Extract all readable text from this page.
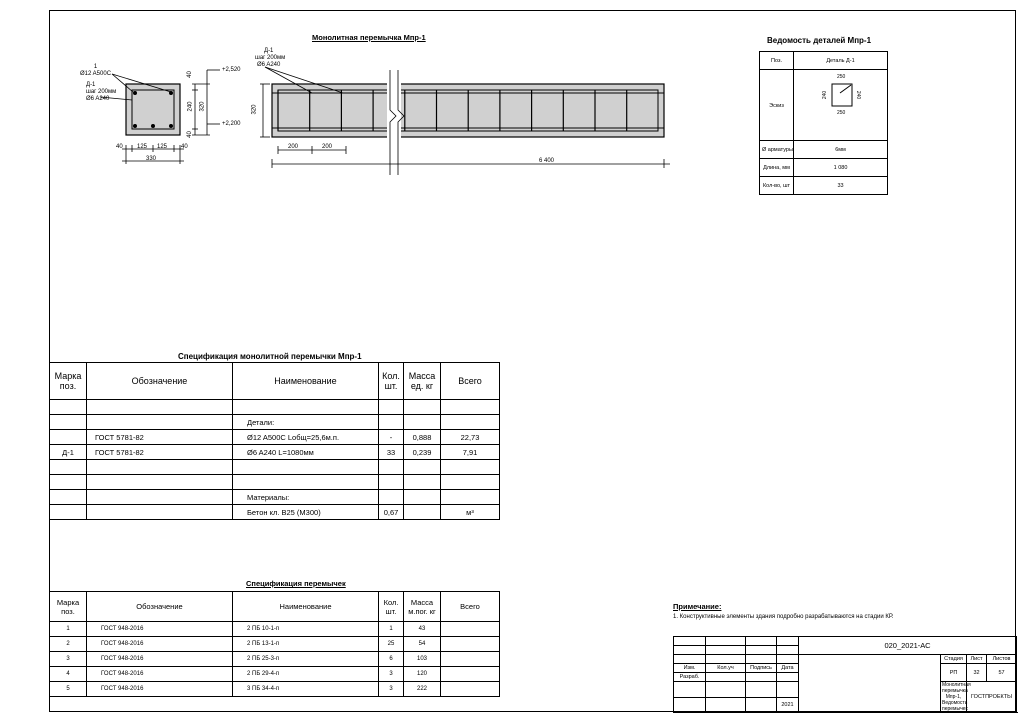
Монолитная перемычка Мпр-1
1
Ø12 A500C
Д-1
шаг 200мм
Ø6 A240
+2,520
+2,200
40
240
40
320
40 125 125 40
330
Д-1
шаг 200мм
Ø6 A240
320
200	200
6 400
Ведомость деталей Мпр-1
Поз.	Деталь Д-1
Эскиз	250
250
240 240

Ø арматуры	6мм
Длина, мм	1 080
Кол-во, шт	33
Спецификация монолитной перемычки Мпр-1
Марка поз.	Обозначение	Наименование	Кол. шт.	Масса ед. кг	Всего

		Детали:			
	ГОСТ 5781-82	Ø12 A500C Lобщ=25,6м.п.	-	0,888	22,73
Д-1	ГОСТ 5781-82	Ø6 A240 L=1080мм	33	0,239	7,91

		Материалы:			
		Бетон кл. В25 (М300)	0,67		м³
Спецификация перемычек
Марка поз.	Обозначение	Наименование	Кол. шт.	Масса м.пог. кг	Всего
1	ГОСТ 948-2016	2 ПБ 10-1-п	1	43	
2	ГОСТ 948-2016	2 ПБ 13-1-п	25	54	
3	ГОСТ 948-2016	2 ПБ 25-3-п	6	103	
4	ГОСТ 948-2016	2 ПБ 29-4-п	3	120	
5	ГОСТ 948-2016	3 ПБ 34-4-п	3	222	
Примечание:
1. Конструктивные элементы здания подробно разрабатываются на стадии КР.
				020_2021-АС			

					Стадия	Лист	Листов
Изм.	Кол.уч	Подпись	Дата		РП	32	57
Разраб.							

					Монолитная перемычка Мпр-1, Ведомость перемычек	ГОСТПРОЕКТЫ	
			2021				
